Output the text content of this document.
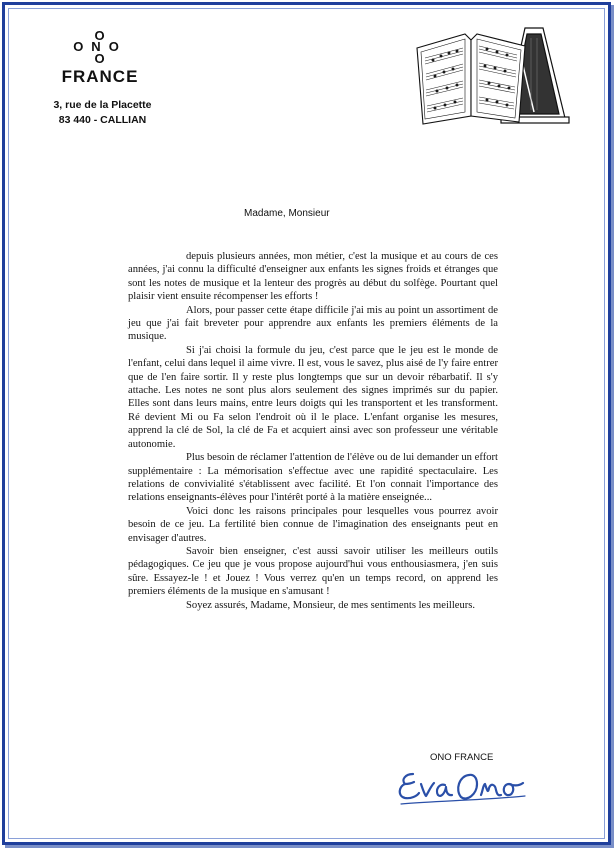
O
ONO
O
FRANCE
3, rue de la Placette
83 440 - CALLIAN
Madame, Monsieur

depuis plusieurs années, mon métier, c'est la musique et au cours de ces années, j'ai connu la difficulté d'enseigner aux enfants les signes froids et étranges que sont les notes de musique et la lenteur des progrès au début du solfège. Pourtant quel plaisir vient ensuite récompenser les efforts !

Alors, pour passer cette étape difficile j'ai mis au point un assortiment de jeu que j'ai fait breveter pour apprendre aux enfants les premiers éléments de la musique.

Si j'ai choisi la formule du jeu, c'est parce que le jeu est le monde de l'enfant, celui dans lequel il aime vivre. Il est, vous le savez, plus aisé de l'y faire entrer que de l'en faire sortir. Il y reste plus longtemps que sur un devoir rébarbatif. Il s'y attache. Les notes ne sont plus alors seulement des signes imprimés sur du papier. Elles sont dans leurs mains, entre leurs doigts qui les transportent et les transforment. Ré devient Mi ou Fa selon l'endroit où il le place. L'enfant organise les mesures, apprend la clé de Sol, la clé de Fa et acquiert ainsi avec son professeur une véritable autonomie.

Plus besoin de réclamer l'attention de l'élève ou de lui demander un effort supplémentaire : La mémorisation s'effectue avec une rapidité spectaculaire. Les relations de convivialité s'établissent avec facilité. Et l'on connait l'importance des relations enseignants-élèves pour l'intérêt porté à la matière enseignée...

Voici donc les raisons principales pour lesquelles vous pourrez avoir besoin de ce jeu. La fertilité bien connue de l'imagination des enseignants peut en envisager d'autres.

Savoir bien enseigner, c'est aussi savoir utiliser les meilleurs outils pédagogiques. Ce jeu que je vous propose aujourd'hui vous enthousiasmera, j'en suis sûre. Essayez-le ! et Jouez ! Vous verrez qu'en un temps record, on apprend les premiers éléments de la musique en s'amusant !

Soyez assurés, Madame, Monsieur, de mes sentiments les meilleurs.

ONO FRANCE
